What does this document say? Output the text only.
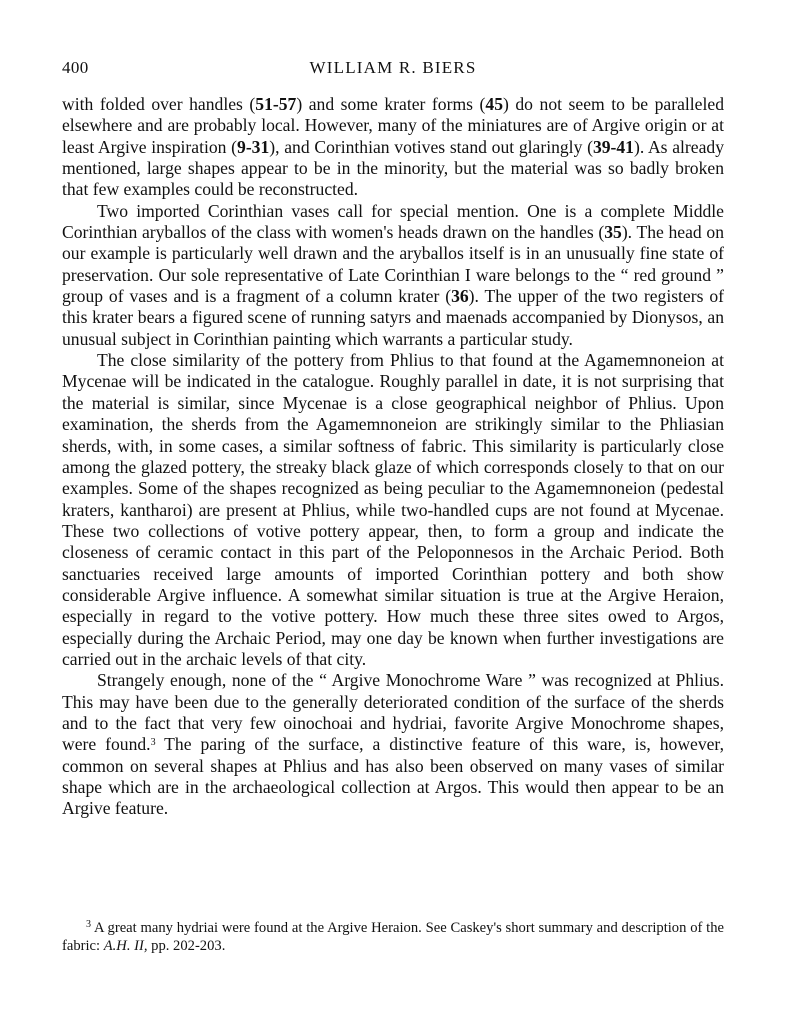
400	WILLIAM R. BIERS

with folded over handles (51-57) and some krater forms (45) do not seem to be paralleled elsewhere and are probably local. However, many of the miniatures are of Argive origin or at least Argive inspiration (9-31), and Corinthian votives stand out glaringly (39-41). As already mentioned, large shapes appear to be in the minority, but the material was so badly broken that few examples could be reconstructed.

Two imported Corinthian vases call for special mention. One is a complete Middle Corinthian aryballos of the class with women's heads drawn on the handles (35). The head on our example is particularly well drawn and the aryballos itself is in an unusually fine state of preservation. Our sole representative of Late Corinthian I ware belongs to the “ red ground ” group of vases and is a fragment of a column krater (36). The upper of the two registers of this krater bears a figured scene of running satyrs and maenads accompanied by Dionysos, an unusual subject in Corinthian painting which warrants a particular study.

The close similarity of the pottery from Phlius to that found at the Agamemnoneion at Mycenae will be indicated in the catalogue. Roughly parallel in date, it is not surprising that the material is similar, since Mycenae is a close geographical neighbor of Phlius. Upon examination, the sherds from the Agamemnoneion are strikingly similar to the Phliasian sherds, with, in some cases, a similar softness of fabric. This similarity is particularly close among the glazed pottery, the streaky black glaze of which corresponds closely to that on our examples. Some of the shapes recognized as being peculiar to the Agamemnoneion (pedestal kraters, kantharoi) are present at Phlius, while two-handled cups are not found at Mycenae. These two collections of votive pottery appear, then, to form a group and indicate the closeness of ceramic contact in this part of the Peloponnesos in the Archaic Period. Both sanctuaries received large amounts of imported Corinthian pottery and both show considerable Argive influence. A somewhat similar situation is true at the Argive Heraion, especially in regard to the votive pottery. How much these three sites owed to Argos, especially during the Archaic Period, may one day be known when further investigations are carried out in the archaic levels of that city.

Strangely enough, none of the “ Argive Monochrome Ware ” was recognized at Phlius. This may have been due to the generally deteriorated condition of the surface of the sherds and to the fact that very few oinochoai and hydriai, favorite Argive Monochrome shapes, were found.$^3$ The paring of the surface, a distinctive feature of this ware, is, however, common on several shapes at Phlius and has also been observed on many vases of similar shape which are in the archaeological collection at Argos. This would then appear to be an Argive feature.

$^3$ A great many hydriai were found at the Argive Heraion. See Caskey's short summary and description of the fabric: A.H. II, pp. 202-203.
